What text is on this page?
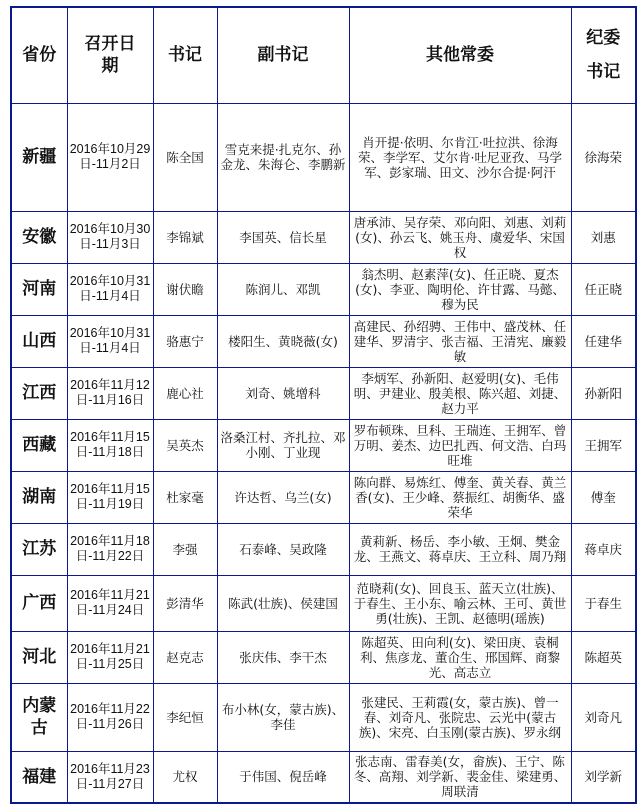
省份	召开日期	书记	副书记	其他常委	纪委书记
新疆	2016年10月29日-11月2日	陈全国	雪克来提·扎克尔、孙金龙、朱海仑、李鹏新	肖开提·依明、尔肯江·吐拉洪、徐海荣、李学军、艾尔肯·吐尼亚孜、马学军、彭家瑞、田文、沙尔合提·阿汗	徐海荣
安徽	2016年10月30日-11月3日	李锦斌	李国英、信长星	唐承沛、吴存荣、邓向阳、刘惠、刘莉(女)、孙云飞、姚玉舟、虞爱华、宋国权	刘惠
河南	2016年10月31日-11月4日	谢伏瞻	陈润儿、邓凯	翁杰明、赵素萍(女)、任正晓、夏杰(女)、李亚、陶明伦、许甘露、马懿、穆为民	任正晓
山西	2016年10月31日-11月4日	骆惠宁	楼阳生、黄晓薇(女)	高建民、孙绍骋、王伟中、盛茂林、任建华、罗清宇、张吉福、王清宪、廉毅敏	任建华
江西	2016年11月12日-11月16日	鹿心社	刘奇、姚增科	李炳军、孙新阳、赵爱明(女)、毛伟明、尹建业、殷美根、陈兴超、刘捷、赵力平	孙新阳
西藏	2016年11月15日-11月18日	吴英杰	洛桑江村、齐扎拉、邓小刚、丁业现	罗布顿珠、旦科、王瑞连、王拥军、曾万明、姜杰、边巴扎西、何文浩、白玛旺堆	王拥军
湖南	2016年11月15日-11月19日	杜家毫	许达哲、乌兰(女)	陈向群、易炼红、傅奎、黄关春、黄兰香(女)、王少峰、蔡振红、胡衡华、盛荣华	傅奎
江苏	2016年11月18日-11月22日	李强	石泰峰、吴政隆	黄莉新、杨岳、李小敏、王炯、樊金龙、王燕文、蒋卓庆、王立科、周乃翔	蒋卓庆
广西	2016年11月21日-11月24日	彭清华	陈武(壮族)、侯建国	范晓莉(女)、回良玉、蓝天立(壮族)、于春生、王小东、喻云林、王可、黄世勇(壮族)、王凯、赵德明(瑶族)	于春生
河北	2016年11月21日-11月25日	赵克志	张庆伟、李干杰	陈超英、田向利(女)、梁田庚、袁桐利、焦彦龙、董仚生、邢国辉、商黎光、高志立	陈超英
内蒙古	2016年11月22日-11月26日	李纪恒	布小林(女，蒙古族)、李佳	张建民、王莉霞(女，蒙古族)、曾一春、刘奇凡、张院忠、云光中(蒙古族)、宋亮、白玉刚(蒙古族)、罗永纲	刘奇凡
福建	2016年11月23日-11月27日	尤权	于伟国、倪岳峰	张志南、雷春美(女，畲族)、王宁、陈冬、高翔、刘学新、裴金佳、梁建勇、周联清	刘学新
